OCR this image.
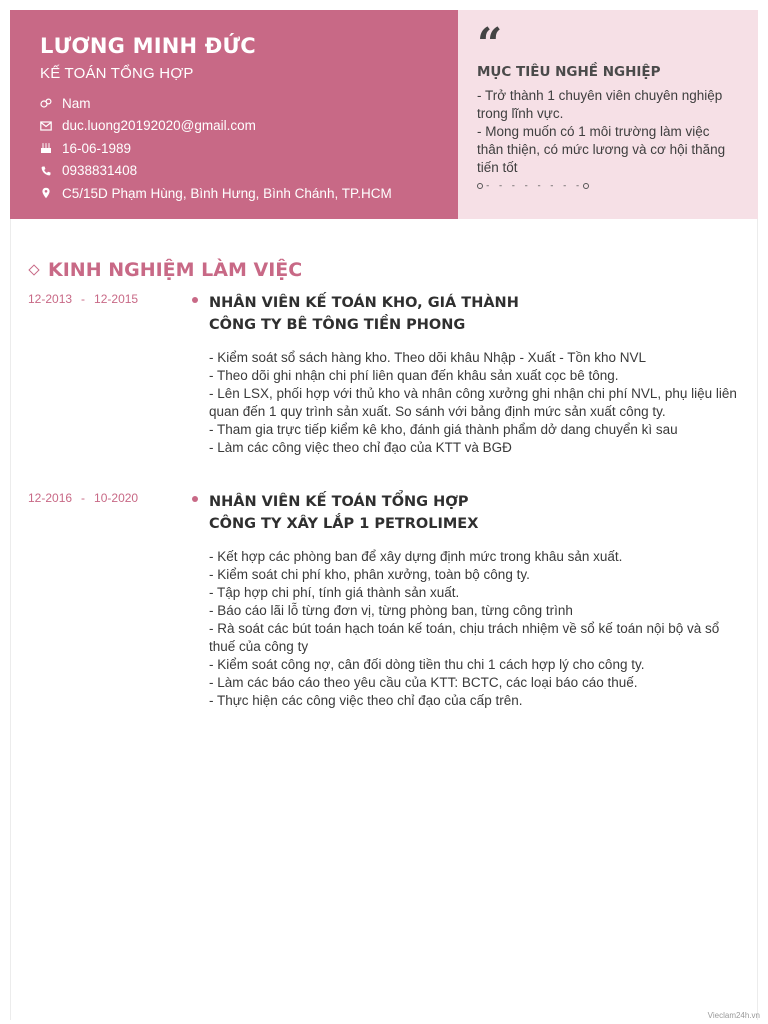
LƯƠNG MINH ĐỨC
KẾ TOÁN TỔNG HỢP
Nam
duc.luong20192020@gmail.com
16-06-1989
0938831408
C5/15D Phạm Hùng, Bình Hưng, Bình Chánh, TP.HCM
“
MỤC TIÊU NGHỀ NGHIỆP
- Trở thành 1 chuyên viên chuyên nghiệp trong lĩnh vực.
- Mong muốn có 1 môi trường làm việc thân thiện, có mức lương và cơ hội thăng tiến tốt
- - - - - - - -
KINH NGHIỆM LÀM VIỆC
12-2013 - 12-2015	NHÂN VIÊN KẾ TOÁN KHO, GIÁ THÀNH
CÔNG TY BÊ TÔNG TIỀN PHONG
- Kiểm soát sổ sách hàng kho. Theo dõi khâu Nhập - Xuất - Tồn kho NVL
- Theo dõi ghi nhận chi phí liên quan đến khâu sản xuất cọc bê tông.
- Lên LSX, phối hợp với thủ kho và nhân công xưởng ghi nhận chi phí NVL, phụ liệu liên quan đến 1 quy trình sản xuất. So sánh với bảng định mức sản xuất công ty.
- Tham gia trực tiếp kiểm kê kho, đánh giá thành phẩm dở dang chuyển kì sau
- Làm các công việc theo chỉ đạo của KTT và BGĐ
12-2016 - 10-2020	NHÂN VIÊN KẾ TOÁN TỔNG HỢP
CÔNG TY XÂY LẮP 1 PETROLIMEX
- Kết hợp các phòng ban để xây dựng định mức trong khâu sản xuất.
- Kiểm soát chi phí kho, phân xưởng, toàn bộ công ty.
- Tập hợp chi phí, tính giá thành sản xuất.
- Báo cáo lãi lỗ từng đơn vị, từng phòng ban, từng công trình
- Rà soát các bút toán hạch toán kế toán, chịu trách nhiệm về sổ kế toán nội bộ và sổ thuế của công ty
- Kiểm soát công nợ, cân đối dòng tiền thu chi 1 cách hợp lý cho công ty.
- Làm các báo cáo theo yêu cầu của KTT: BCTC, các loại báo cáo thuế.
- Thực hiện các công việc theo chỉ đạo của cấp trên.
Vieclam24h.vn
